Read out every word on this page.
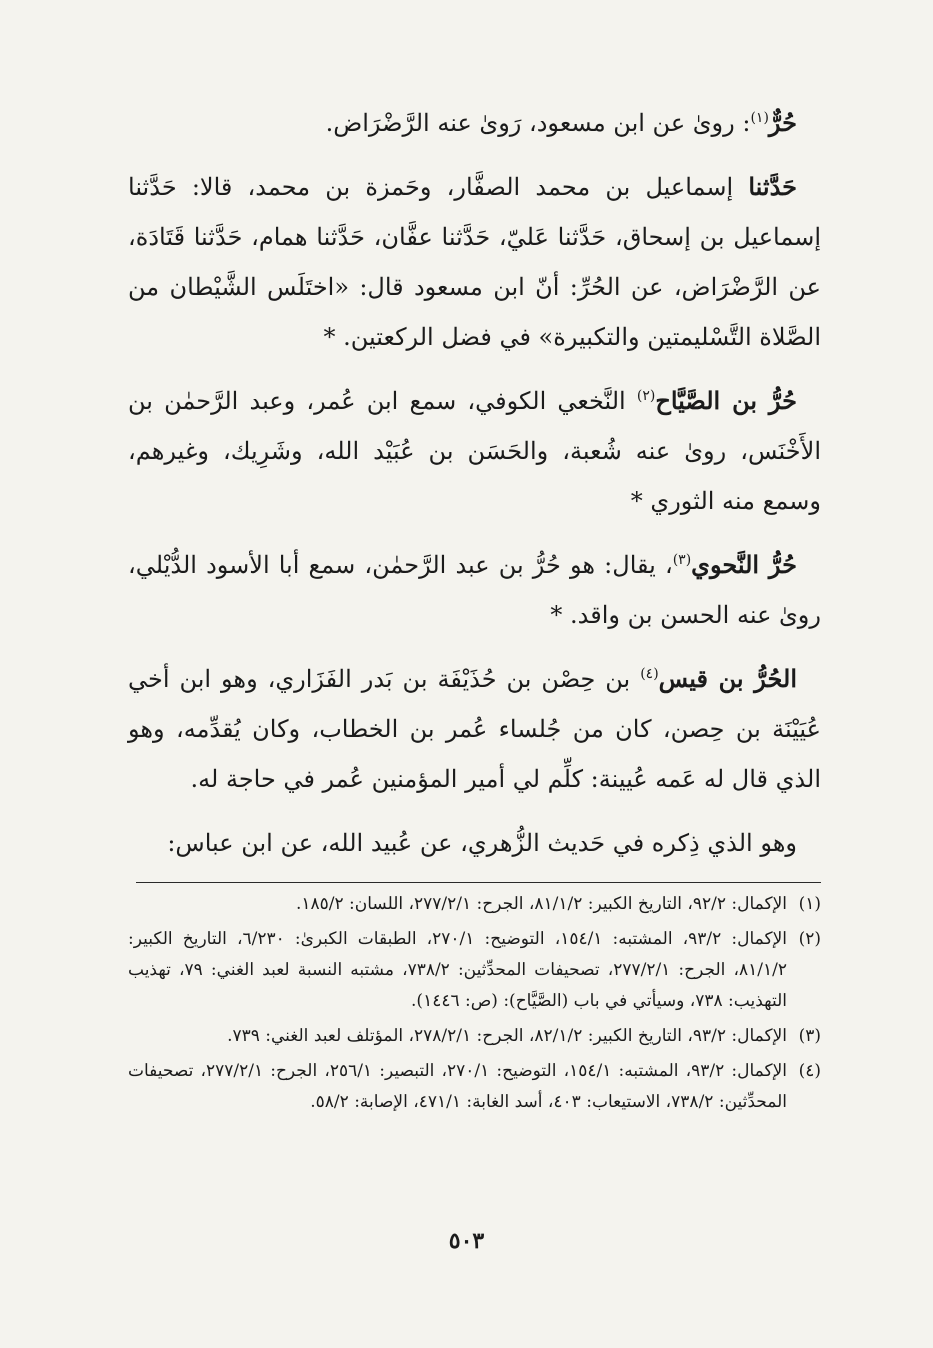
حُرٌّ$^{(١)}$: روىٰ عن ابن مسعود، رَوىٰ عنه الرَّضْرَاض.

حَدَّثنا إسماعيل بن محمد الصفَّار، وحَمزة بن محمد، قالا: حَدَّثنا إسماعيل بن إسحاق، حَدَّثنا عَليّ، حَدَّثنا عفَّان، حَدَّثنا همام، حَدَّثنا قَتَادَة، عن الرَّضْرَاض، عن الحُرِّ: أنّ ابن مسعود قال: «اختَلَس الشَّيْطان من الصَّلاة التَّسْليمتين والتكبيرة» في فضل الركعتين. *

حُرُّ بن الصَّيَّاح$^{(٢)}$ النَّخعي الكوفي، سمع ابن عُمر، وعبد الرَّحمٰن بن الأَخْنَس، روىٰ عنه شُعبة، والحَسَن بن عُبَيْد الله، وشَرِيك، وغيرهم، وسمع منه الثوري *

حُرُّ النَّحوي$^{(٣)}$، يقال: هو حُرُّ بن عبد الرَّحمٰن، سمع أبا الأسود الدُّيْلي، روىٰ عنه الحسن بن واقد. *

الحُرُّ بن قيس$^{(٤)}$ بن حِصْن بن حُذَيْفَة بن بَدر الفَزَاري، وهو ابن أخي عُيَيْنَة بن حِصن، كان من جُلساء عُمر بن الخطاب، وكان يُقدِّمه، وهو الذي قال له عَمه عُيينة: كلِّم لي أمير المؤمنين عُمر في حاجة له.

وهو الذي ذِكره في حَديث الزُّهري، عن عُبيد الله، عن ابن عباس:

(١)
الإكمال: ٩٢/٢، التاريخ الكبير: ٨١/١/٢، الجرح: ٢٧٧/٢/١، اللسان: ١٨٥/٢.
(٢)
الإكمال: ٩٣/٢، المشتبه: ١٥٤/١، التوضيح: ٢٧٠/١، الطبقات الكبرىٰ: ٦/٢٣٠، التاريخ الكبير: ٨١/١/٢، الجرح: ٢٧٧/٢/١، تصحيفات المحدِّثين: ٧٣٨/٢، مشتبه النسبة لعبد الغني: ٧٩، تهذيب التهذيب: ٧٣٨، وسيأتي في باب (الصَّيَّاح): (ص: ١٤٤٦).
(٣)
الإكمال: ٩٣/٢، التاريخ الكبير: ٨٢/١/٢، الجرح: ٢٧٨/٢/١، المؤتلف لعبد الغني: ٧٣٩.
(٤)
الإكمال: ٩٣/٢، المشتبه: ١٥٤/١، التوضيح: ٢٧٠/١، التبصير: ٢٥٦/١، الجرح: ٢٧٧/٢/١، تصحيفات المحدِّثين: ٧٣٨/٢، الاستيعاب: ٤٠٣، أسد الغابة: ٤٧١/١، الإصابة: ٥٨/٢.
٥٠٣
